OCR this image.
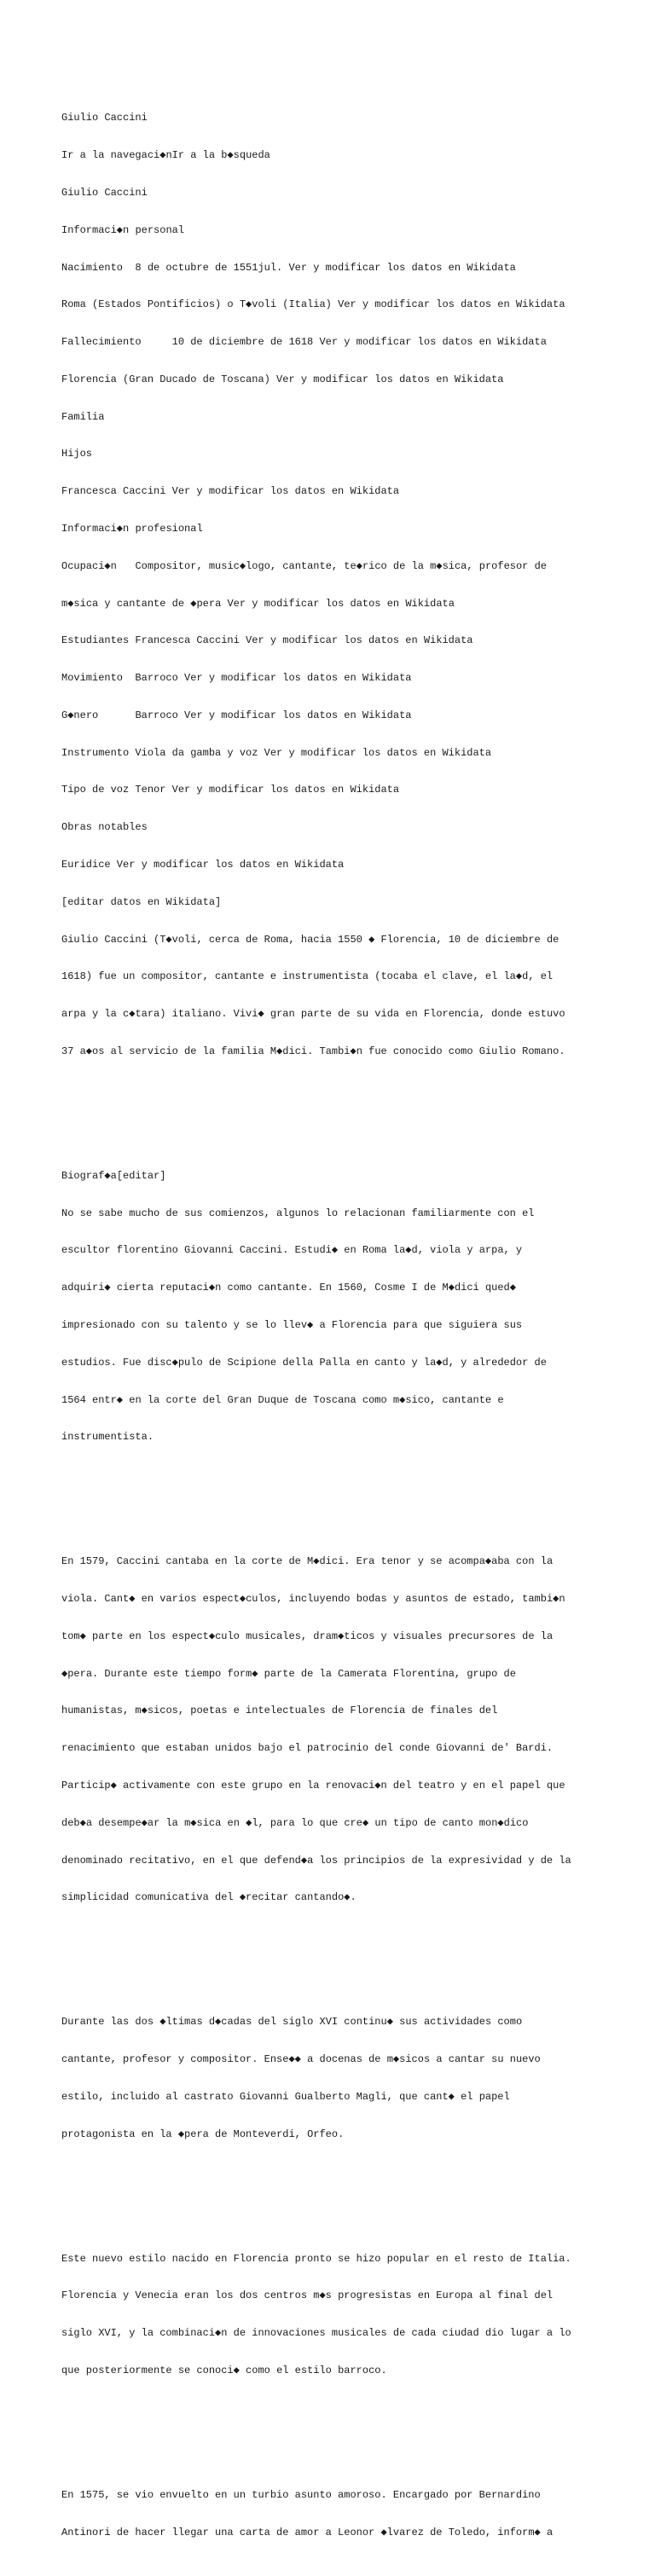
Giulio Caccini

Ir a la navegaci◆nIr a la b◆squeda

Giulio Caccini

Informaci◆n personal

Nacimiento  8 de octubre de 1551jul. Ver y modificar los datos en Wikidata

Roma (Estados Pontificios) o T◆voli (Italia) Ver y modificar los datos en Wikidata

Fallecimiento     10 de diciembre de 1618 Ver y modificar los datos en Wikidata

Florencia (Gran Ducado de Toscana) Ver y modificar los datos en Wikidata

Familia

Hijos

Francesca Caccini Ver y modificar los datos en Wikidata

Informaci◆n profesional

Ocupaci◆n   Compositor, music◆logo, cantante, te◆rico de la m◆sica, profesor de

m◆sica y cantante de ◆pera Ver y modificar los datos en Wikidata

Estudiantes Francesca Caccini Ver y modificar los datos en Wikidata

Movimiento  Barroco Ver y modificar los datos en Wikidata

G◆nero      Barroco Ver y modificar los datos en Wikidata

Instrumento Viola da gamba y voz Ver y modificar los datos en Wikidata

Tipo de voz Tenor Ver y modificar los datos en Wikidata

Obras notables

Euridice Ver y modificar los datos en Wikidata

[editar datos en Wikidata]

Giulio Caccini (T◆voli, cerca de Roma, hacia 1550 ◆ Florencia, 10 de diciembre de

1618) fue un compositor, cantante e instrumentista (tocaba el clave, el la◆d, el

arpa y la c◆tara) italiano. Vivi◆ gran parte de su vida en Florencia, donde estuvo

37 a◆os al servicio de la familia M◆dici. Tambi◆n fue conocido como Giulio Romano.

Biograf◆a[editar]

No se sabe mucho de sus comienzos, algunos lo relacionan familiarmente con el

escultor florentino Giovanni Caccini. Estudi◆ en Roma la◆d, viola y arpa, y

adquiri◆ cierta reputaci◆n como cantante. En 1560, Cosme I de M◆dici qued◆

impresionado con su talento y se lo llev◆ a Florencia para que siguiera sus

estudios. Fue disc◆pulo de Scipione della Palla en canto y la◆d, y alrededor de

1564 entr◆ en la corte del Gran Duque de Toscana como m◆sico, cantante e

instrumentista.

En 1579, Caccini cantaba en la corte de M◆dici. Era tenor y se acompa◆aba con la

viola. Cant◆ en varios espect◆culos, incluyendo bodas y asuntos de estado, tambi◆n

tom◆ parte en los espect◆culo musicales, dram◆ticos y visuales precursores de la

◆pera. Durante este tiempo form◆ parte de la Camerata Florentina, grupo de

humanistas, m◆sicos, poetas e intelectuales de Florencia de finales del

renacimiento que estaban unidos bajo el patrocinio del conde Giovanni de' Bardi.

Particip◆ activamente con este grupo en la renovaci◆n del teatro y en el papel que

deb◆a desempe◆ar la m◆sica en ◆l, para lo que cre◆ un tipo de canto mon◆dico

denominado recitativo, en el que defend◆a los principios de la expresividad y de la

simplicidad comunicativa del ◆recitar cantando◆.

Durante las dos ◆ltimas d◆cadas del siglo XVI continu◆ sus actividades como

cantante, profesor y compositor. Ense◆◆ a docenas de m◆sicos a cantar su nuevo

estilo, incluido al castrato Giovanni Gualberto Magli, que cant◆ el papel

protagonista en la ◆pera de Monteverdi, Orfeo.

Este nuevo estilo nacido en Florencia pronto se hizo popular en el resto de Italia.

Florencia y Venecia eran los dos centros m◆s progresistas en Europa al final del

siglo XVI, y la combinaci◆n de innovaciones musicales de cada ciudad dio lugar a lo

que posteriormente se conoci◆ como el estilo barroco.

En 1575, se vio envuelto en un turbio asunto amoroso. Encargado por Bernardino

Antinori de hacer llegar una carta de amor a Leonor ◆lvarez de Toledo, inform◆ a
